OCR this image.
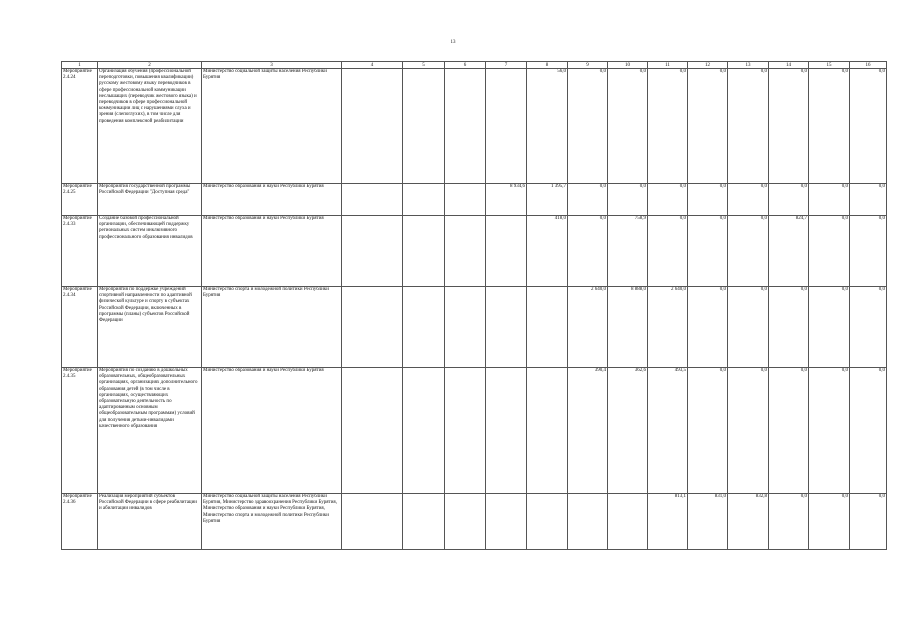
13
1	2	3	4	5	6	7	8	9	10	11	12	13	14	15	16
Мероприятие 2.4.24	Организация обучения (профессиональной переподготовки, повышения квалификации) русскому жестовому языку переводчиков в сфере профессиональной коммуникации неслышащих (переводчик жестового языка) и переводчиков в сфере профессиональной коммуникации лиц с нарушениями слуха и зрения (слепоглухих), в том числе для проведения комплексной реабилитации	Министерство социальной защиты населения Республики Бурятия					56,0	0,0	0,0	0,0	0,0	0,0	0,0	0,0	0,0
Мероприятие 2.4.25	Мероприятия государственной программы Российской Федерации "Доступная среда"	Министерство образования и науки Республики Бурятия				8 934,6	1 395,7	0,0	0,0	0,0	0,0	0,0	0,0	0,0	0,0
Мероприятие 2.4.33	Создание базовой профессиональной организации, обеспечивающей поддержку региональных систем инклюзивного профессионального образования инвалидов	Министерство образования и науки Республики Бурятия					418,0	0,0	758,9	0,0	0,0	0,0	824,7	0,0	0,0
Мероприятие 2.4.34	Мероприятия по поддержке учреждений спортивной направленности по адаптивной физической культуре и спорту в субъектах Российской Федерации, включенных в программы (планы) субъектов Российской Федерации	Министерство спорта и молодежной политики Республики Бурятия						2 640,0	8 888,0	2 640,0	0,0	0,0	0,0	0,0	0,0
Мероприятие 2.4.35	Мероприятия по созданию в дошкольных образовательных, общеобразовательных организациях, организациях дополнительного образования детей (в том числе в организациях, осуществляющих образовательную деятельность по адаптированным основным общеобразовательным программам) условий для получения детьми-инвалидами качественного образования	Министерство образования и науки Республики Бурятия						390,4	362,6	493,5	0,0	0,0	0,0	0,0	0,0
Мероприятие 2.4.36	Реализация мероприятий субъектов Российской Федерации в сфере реабилитации и абилитации инвалидов	Министерство социальной защиты населения Республики Бурятия, Министерство здравоохранения Республики Бурятия, Министерство образования и науки Республики Бурятия, Министерство спорта и молодежной политики Республики Бурятия								813,1	831,0	832,8	0,0	0,0	0,0
